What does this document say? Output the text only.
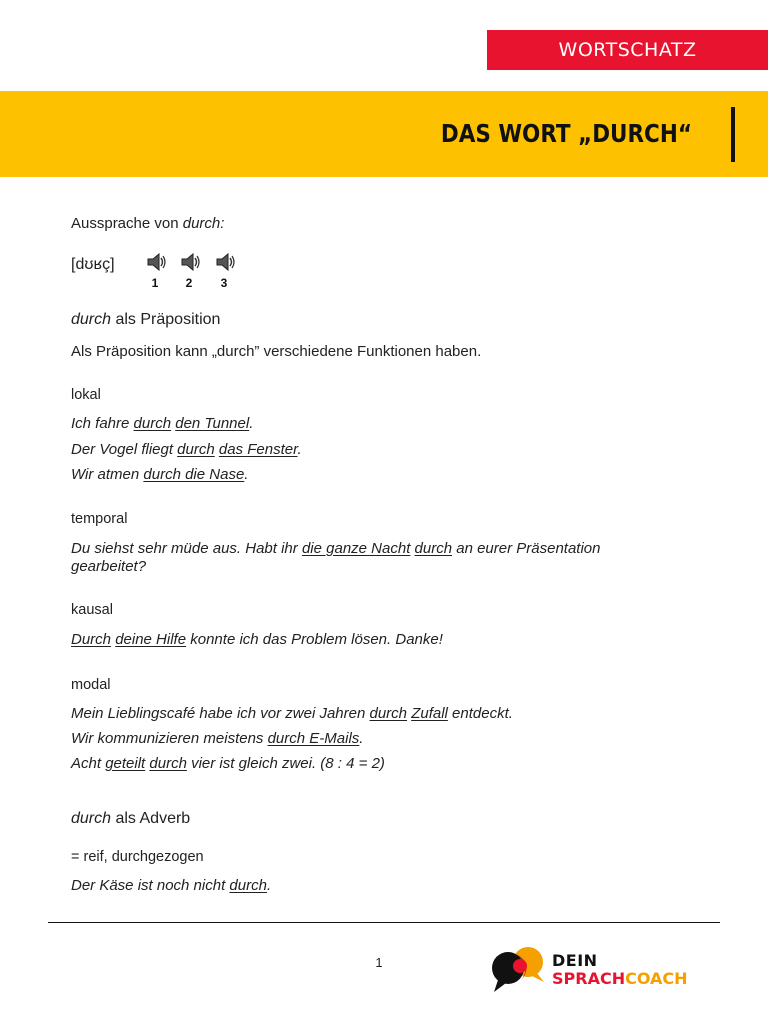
WORTSCHATZ
DAS WORT „DURCH“
Aussprache von durch:
[dʊʁç]
durch als Präposition
Als Präposition kann „durch” verschiedene Funktionen haben.
lokal
Ich fahre durch den Tunnel.
Der Vogel fliegt durch das Fenster.
Wir atmen durch die Nase.
temporal
Du siehst sehr müde aus. Habt ihr die ganze Nacht durch an eurer Präsentation
gearbeitet?
kausal
Durch deine Hilfe konnte ich das Problem lösen. Danke!
modal
Mein Lieblingscafé habe ich vor zwei Jahren durch Zufall entdeckt.
Wir kommunizieren meistens durch E-Mails.
Acht geteilt durch vier ist gleich zwei. (8 : 4 = 2)
durch als Adverb
= reif, durchgezogen
Der Käse ist noch nicht durch.
1 2 3
1	DEIN
SPRACHCOACH
